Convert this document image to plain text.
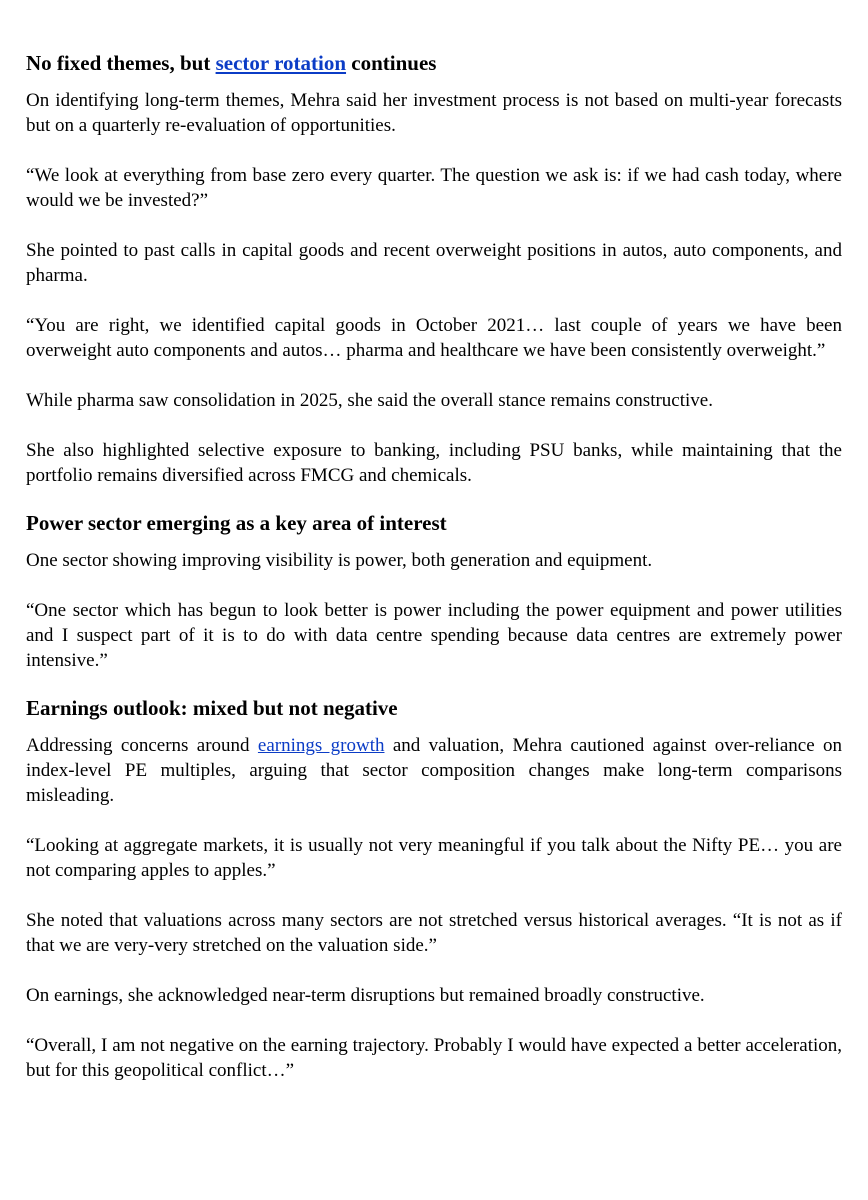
No fixed themes, but sector rotation continues

On identifying long-term themes, Mehra said her investment process is not based on multi-year forecasts but on a quarterly re-evaluation of opportunities.

“We look at everything from base zero every quarter. The question we ask is: if we had cash today, where would we be invested?”

She pointed to past calls in capital goods and recent overweight positions in autos, auto components, and pharma.

“You are right, we identified capital goods in October 2021… last couple of years we have been overweight auto components and autos… pharma and healthcare we have been consistently overweight.”

While pharma saw consolidation in 2025, she said the overall stance remains constructive.

She also highlighted selective exposure to banking, including PSU banks, while maintaining that the portfolio remains diversified across FMCG and chemicals.

Power sector emerging as a key area of interest

One sector showing improving visibility is power, both generation and equipment.

“One sector which has begun to look better is power including the power equipment and power utilities and I suspect part of it is to do with data centre spending because data centres are extremely power intensive.”

Earnings outlook: mixed but not negative

Addressing concerns around earnings growth and valuation, Mehra cautioned against over-reliance on index-level PE multiples, arguing that sector composition changes make long-term comparisons misleading.

“Looking at aggregate markets, it is usually not very meaningful if you talk about the Nifty PE… you are not comparing apples to apples.”

She noted that valuations across many sectors are not stretched versus historical averages. “It is not as if that we are very-very stretched on the valuation side.”

On earnings, she acknowledged near-term disruptions but remained broadly constructive.

“Overall, I am not negative on the earning trajectory. Probably I would have expected a better acceleration, but for this geopolitical conflict…”
